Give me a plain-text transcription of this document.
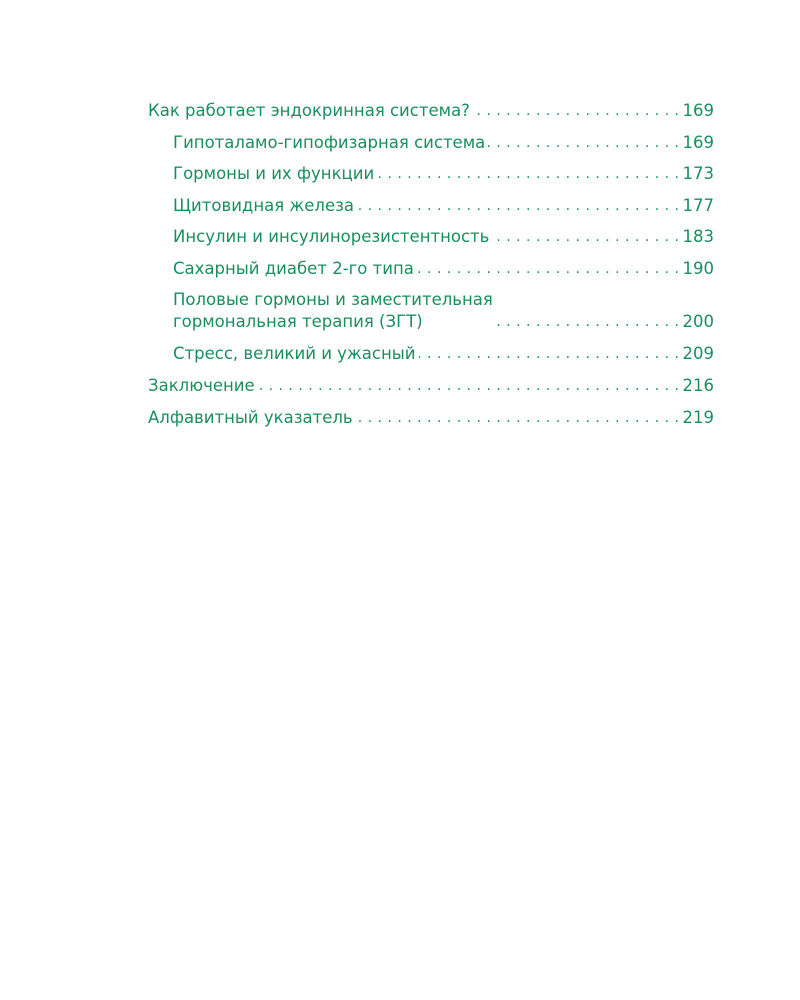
Как работает эндокринная система? . . .	169
Гипоталамо-гипофизарная система . . .	169
Гормоны и их функции . . .	173
Щитовидная железа . . .	177
Инсулин и инсулинорезистентность . . .	183
Сахарный диабет 2-го типа . . .	190
Половые гормоны и заместительная
гормональная терапия (ЗГТ) . . .	200
Стресс, великий и ужасный . . .	209
Заключение . . .	216
Алфавитный указатель . . .	219
